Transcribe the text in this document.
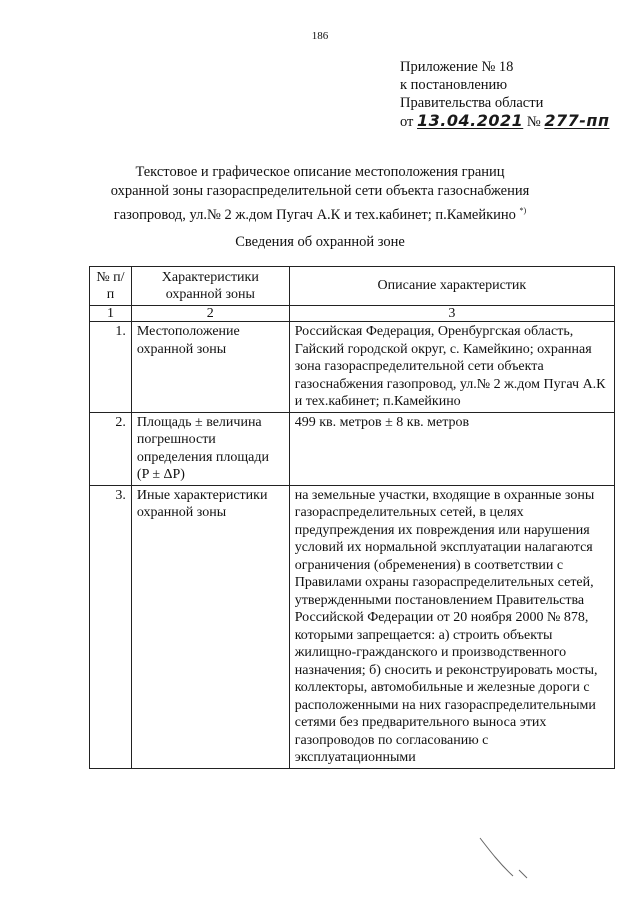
186
Приложение № 18
к постановлению
Правительства области
от 13.04.2021 № 277-пп
Текстовое и графическое описание местоположения границ
охранной зоны газораспределительной сети объекта газоснабжения
газопровод, ул.№ 2 ж.дом Пугач А.К и тех.кабинет; п.Камейкино *)
Сведения об охранной зоне
№ п/п	Характеристики охранной зоны	Описание характеристик
1	2	3
1.	Местоположение охранной зоны	Российская Федерация, Оренбургская область, Гайский городской округ, с. Камейкино; охранная зона газораспределительной сети объекта газоснабжения газопровод, ул.№ 2 ж.дом Пугач А.К и тех.кабинет; п.Камейкино
2.	Площадь ± величина погрешности определения площади (P ± ΔP)	499 кв. метров ± 8 кв. метров
3.	Иные характеристики охранной зоны	на земельные участки, входящие в охранные зоны газораспределительных сетей, в целях предупреждения их повреждения или нарушения условий их нормальной эксплуатации налагаются ограничения (обременения) в соответствии с Правилами охраны газораспределительных сетей, утвержденными постановлением Правительства Российской Федерации от 20 ноября 2000 № 878, которыми запрещается: а) строить объекты жилищно-гражданского и производственного назначения; б) сносить и реконструировать мосты, коллекторы, автомобильные и железные дороги с расположенными на них газораспределительными сетями без предварительного выноса этих газопроводов по согласованию с эксплуатационными
